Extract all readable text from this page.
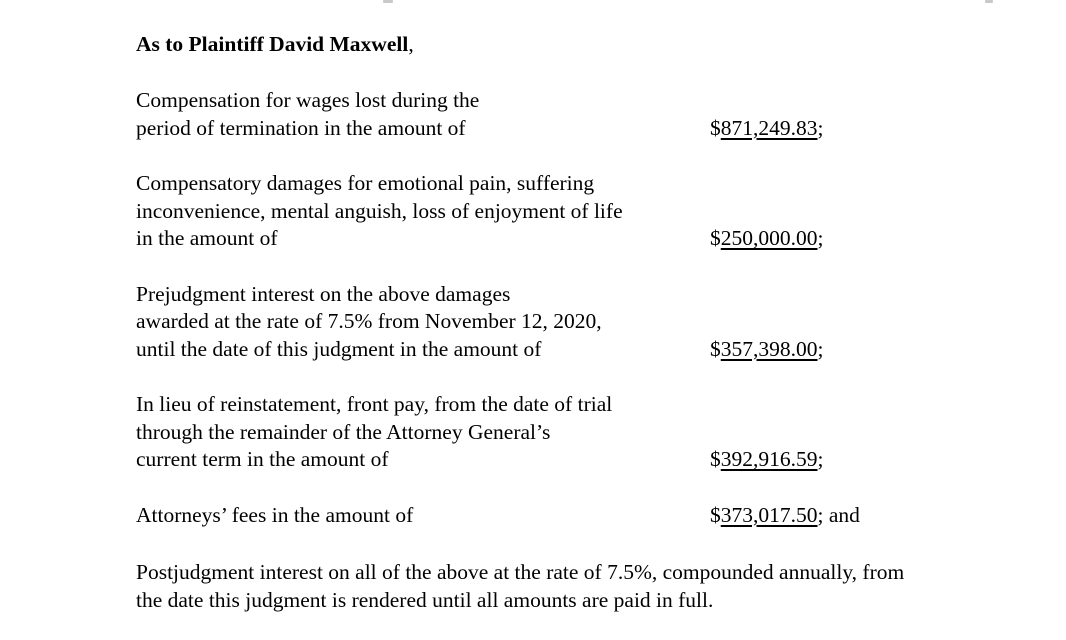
As to Plaintiff David Maxwell,

Compensation for wages lost during the
period of termination in the amount of	$871,249.83;
Compensatory damages for emotional pain, suffering
inconvenience, mental anguish, loss of enjoyment of life
in the amount of	$250,000.00;
Prejudgment interest on the above damages
awarded at the rate of 7.5% from November 12, 2020,
until the date of this judgment in the amount of	$357,398.00;
In lieu of reinstatement, front pay, from the date of trial
through the remainder of the Attorney General’s
current term in the amount of	$392,916.59;
Attorneys’ fees in the amount of	$373,017.50; and
Postjudgment interest on all of the above at the rate of 7.5%, compounded annually, from
the date this judgment is rendered until all amounts are paid in full.
